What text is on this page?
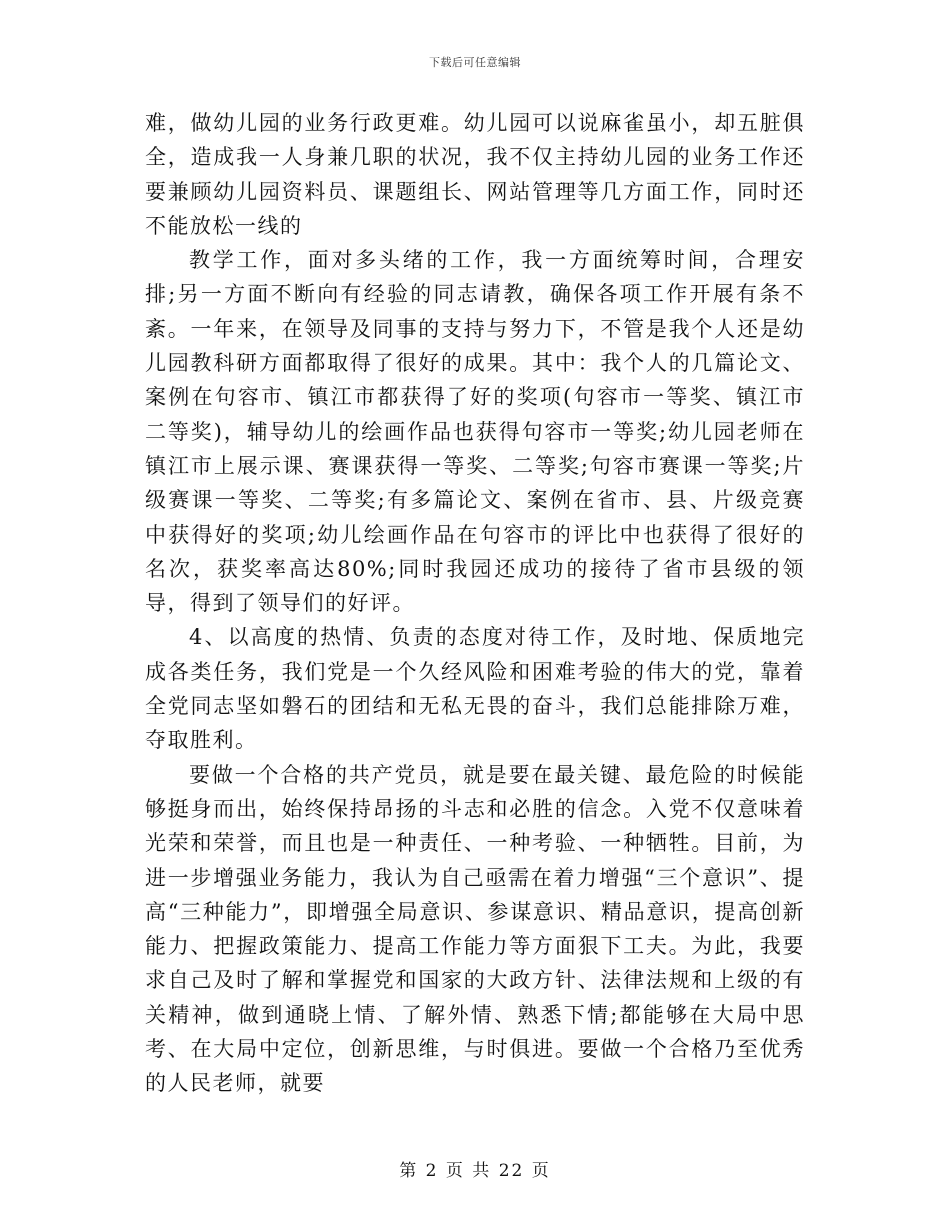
下载后可任意编辑

难，做幼儿园的业务行政更难。幼儿园可以说麻雀虽小，却五脏俱全，造成我一人身兼几职的状况，我不仅主持幼儿园的业务工作还要兼顾幼儿园资料员、课题组长、网站管理等几方面工作，同时还不能放松一线的

教学工作，面对多头绪的工作，我一方面统筹时间，合理安排;另一方面不断向有经验的同志请教，确保各项工作开展有条不紊。一年来，在领导及同事的支持与努力下，不管是我个人还是幼儿园教科研方面都取得了很好的成果。其中：我个人的几篇论文、案例在句容市、镇江市都获得了好的奖项(句容市一等奖、镇江市二等奖)，辅导幼儿的绘画作品也获得句容市一等奖;幼儿园老师在镇江市上展示课、赛课获得一等奖、二等奖;句容市赛课一等奖;片级赛课一等奖、二等奖;有多篇论文、案例在省市、县、片级竞赛中获得好的奖项;幼儿绘画作品在句容市的评比中也获得了很好的名次，获奖率高达80%;同时我园还成功的接待了省市县级的领导，得到了领导们的好评。

4、以高度的热情、负责的态度对待工作，及时地、保质地完成各类任务，我们党是一个久经风险和困难考验的伟大的党，靠着全党同志坚如磐石的团结和无私无畏的奋斗，我们总能排除万难，夺取胜利。

要做一个合格的共产党员，就是要在最关键、最危险的时候能够挺身而出，始终保持昂扬的斗志和必胜的信念。入党不仅意味着光荣和荣誉，而且也是一种责任、一种考验、一种牺牲。目前，为进一步增强业务能力，我认为自己亟需在着力增强“三个意识”、提高“三种能力”，即增强全局意识、参谋意识、精品意识，提高创新能力、把握政策能力、提高工作能力等方面狠下工夫。为此，我要求自己及时了解和掌握党和国家的大政方针、法律法规和上级的有关精神，做到通晓上情、了解外情、熟悉下情;都能够在大局中思考、在大局中定位，创新思维，与时俱进。要做一个合格乃至优秀的人民老师，就要

第 2 页 共 22 页
